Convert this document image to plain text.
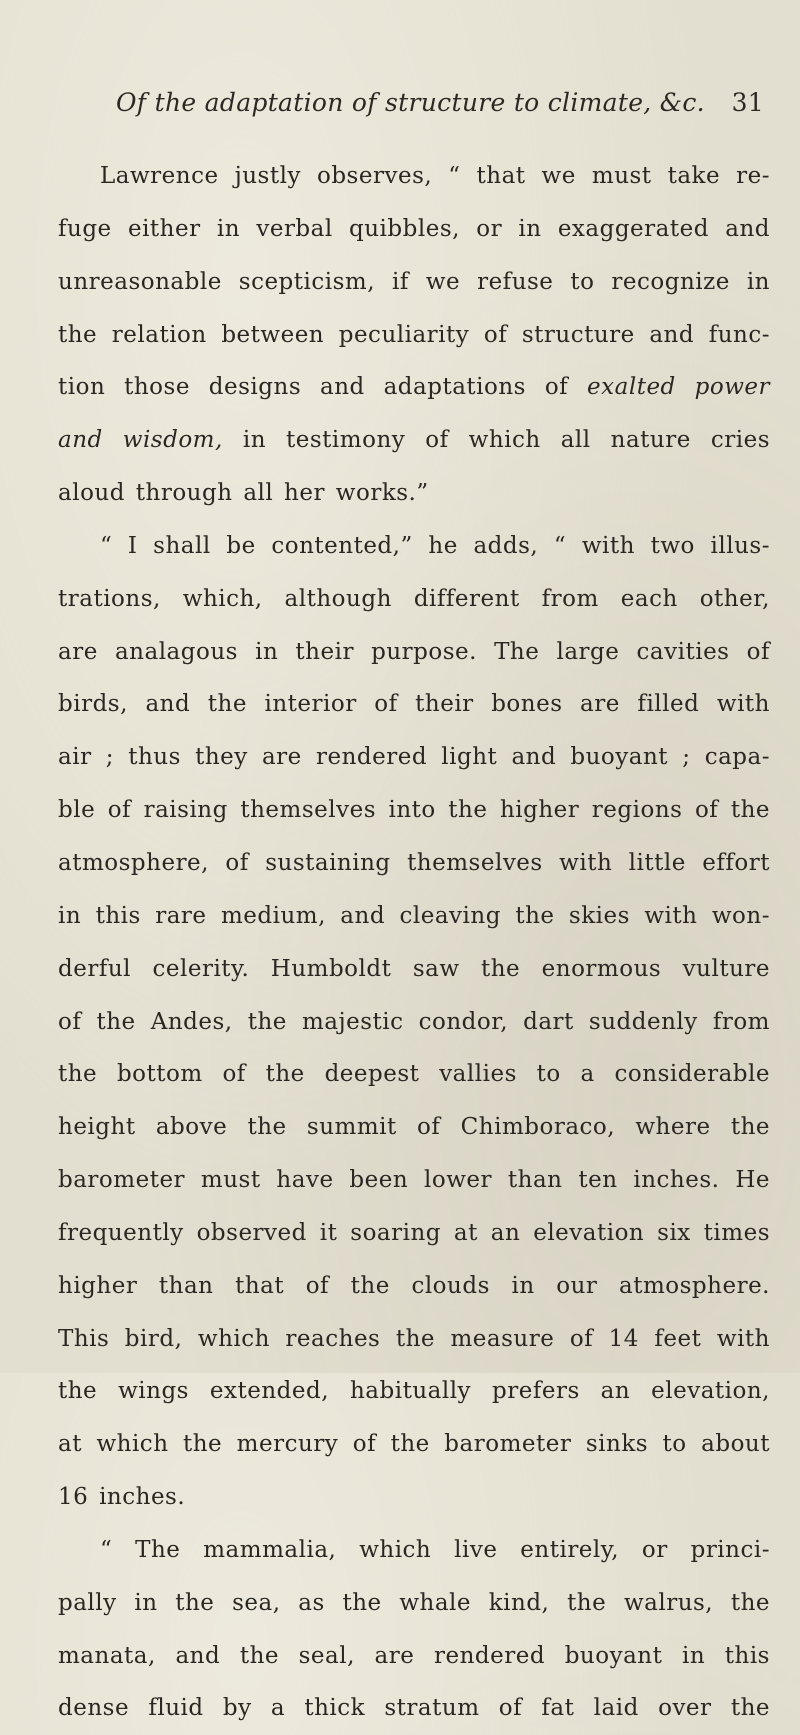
Of the adaptation of structure to climate, &c. 31
Lawrence justly observes, “ that we must take re-
fuge either in verbal quibbles, or in exaggerated and
unreasonable scepticism, if we refuse to recognize in
the relation between peculiarity of structure and func-
tion those designs and adaptations of exalted power
and wisdom, in testimony of which all nature cries
aloud through all her works.”
“ I shall be contented,” he adds, “ with two illus-
trations, which, although different from each other,
are analagous in their purpose. The large cavities of
birds, and the interior of their bones are filled with
air ; thus they are rendered light and buoyant ; capa-
ble of raising themselves into the higher regions of the
atmosphere, of sustaining themselves with little effort
in this rare medium, and cleaving the skies with won-
derful celerity. Humboldt saw the enormous vulture
of the Andes, the majestic condor, dart suddenly from
the bottom of the deepest vallies to a considerable
height above the summit of Chimboraco, where the
barometer must have been lower than ten inches. He
frequently observed it soaring at an elevation six times
higher than that of the clouds in our atmosphere.
This bird, which reaches the measure of 14 feet with
the wings extended, habitually prefers an elevation,
at which the mercury of the barometer sinks to about
16 inches.
“ The mammalia, which live entirely, or princi-
pally in the sea, as the whale kind, the walrus, the
manata, and the seal, are rendered buoyant in this
dense fluid by a thick stratum of fat laid over the
